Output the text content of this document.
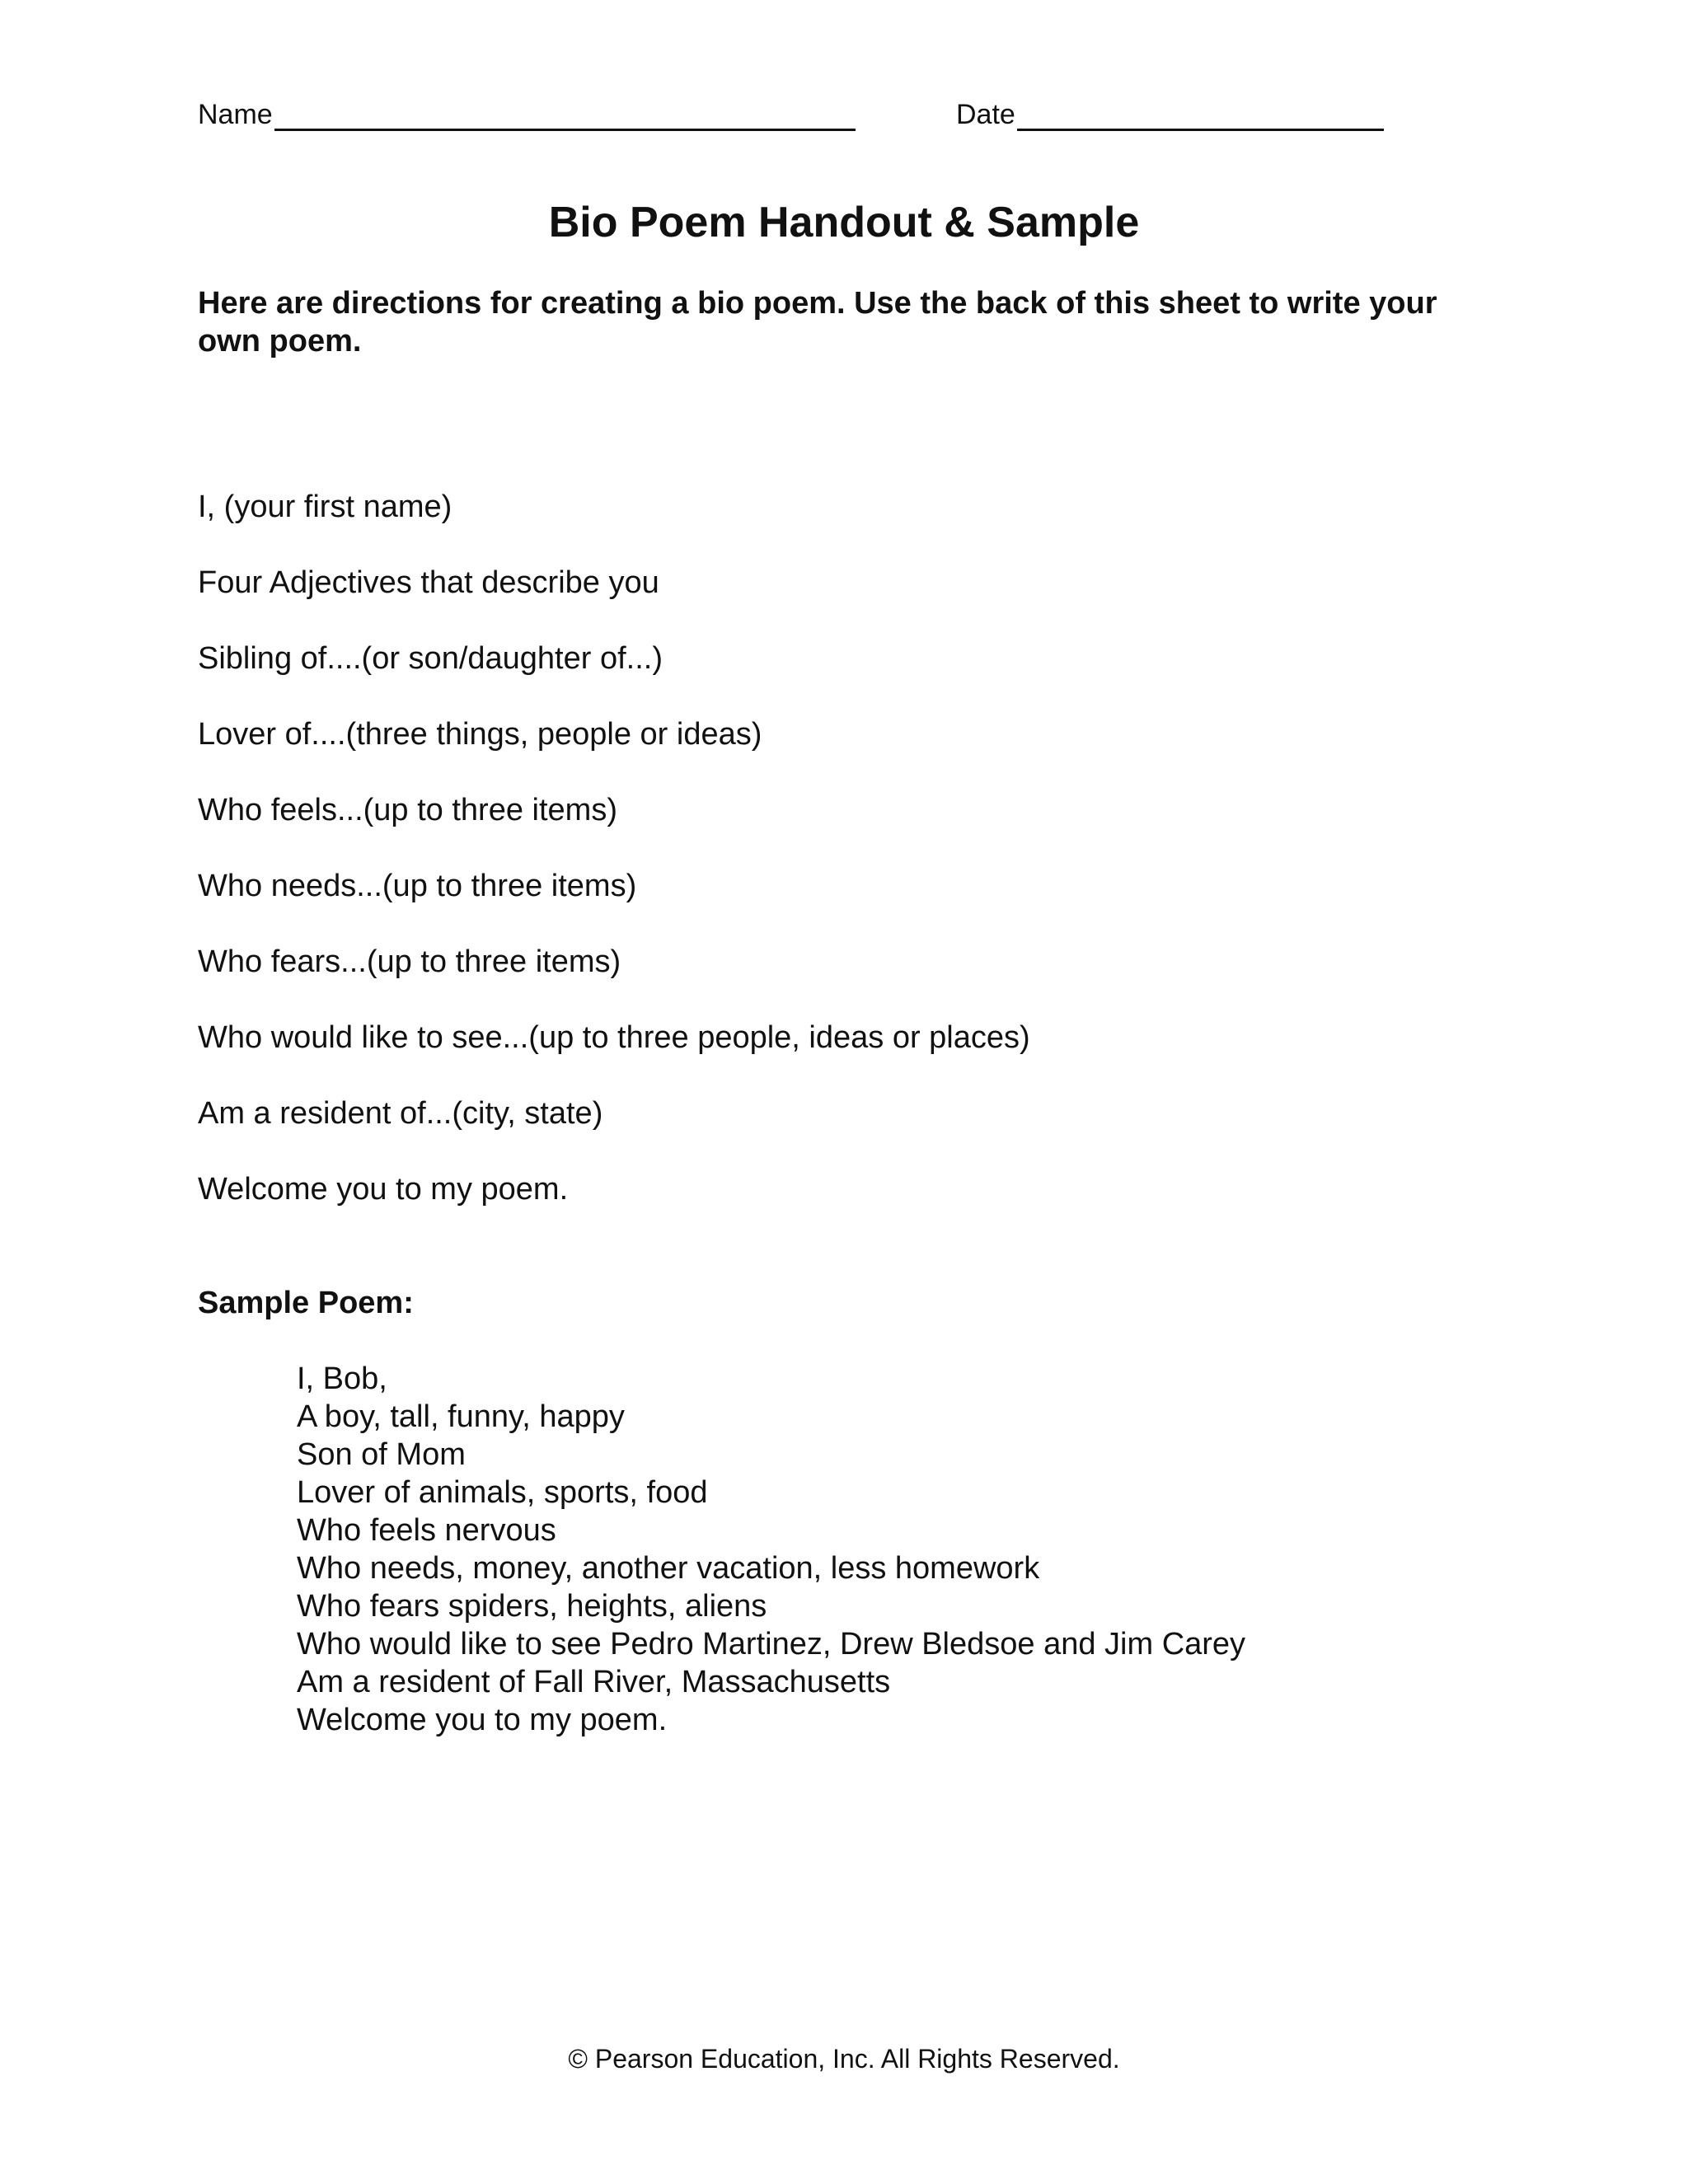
Name	Date
Bio Poem Handout & Sample
Here are directions for creating a bio poem. Use the back of this sheet to write your own poem.
I, (your first name)
Four Adjectives that describe you
Sibling of....(or son/daughter of...)
Lover of....(three things, people or ideas)
Who feels...(up to three items)
Who needs...(up to three items)
Who fears...(up to three items)
Who would like to see...(up to three people, ideas or places)
Am a resident of...(city, state)
Welcome you to my poem.
Sample Poem:
I, Bob,
A boy, tall, funny, happy
Son of Mom
Lover of animals, sports, food
Who feels nervous
Who needs, money, another vacation, less homework
Who fears spiders, heights, aliens
Who would like to see Pedro Martinez, Drew Bledsoe and Jim Carey
Am a resident of Fall River, Massachusetts
Welcome you to my poem.
© Pearson Education, Inc. All Rights Reserved.
